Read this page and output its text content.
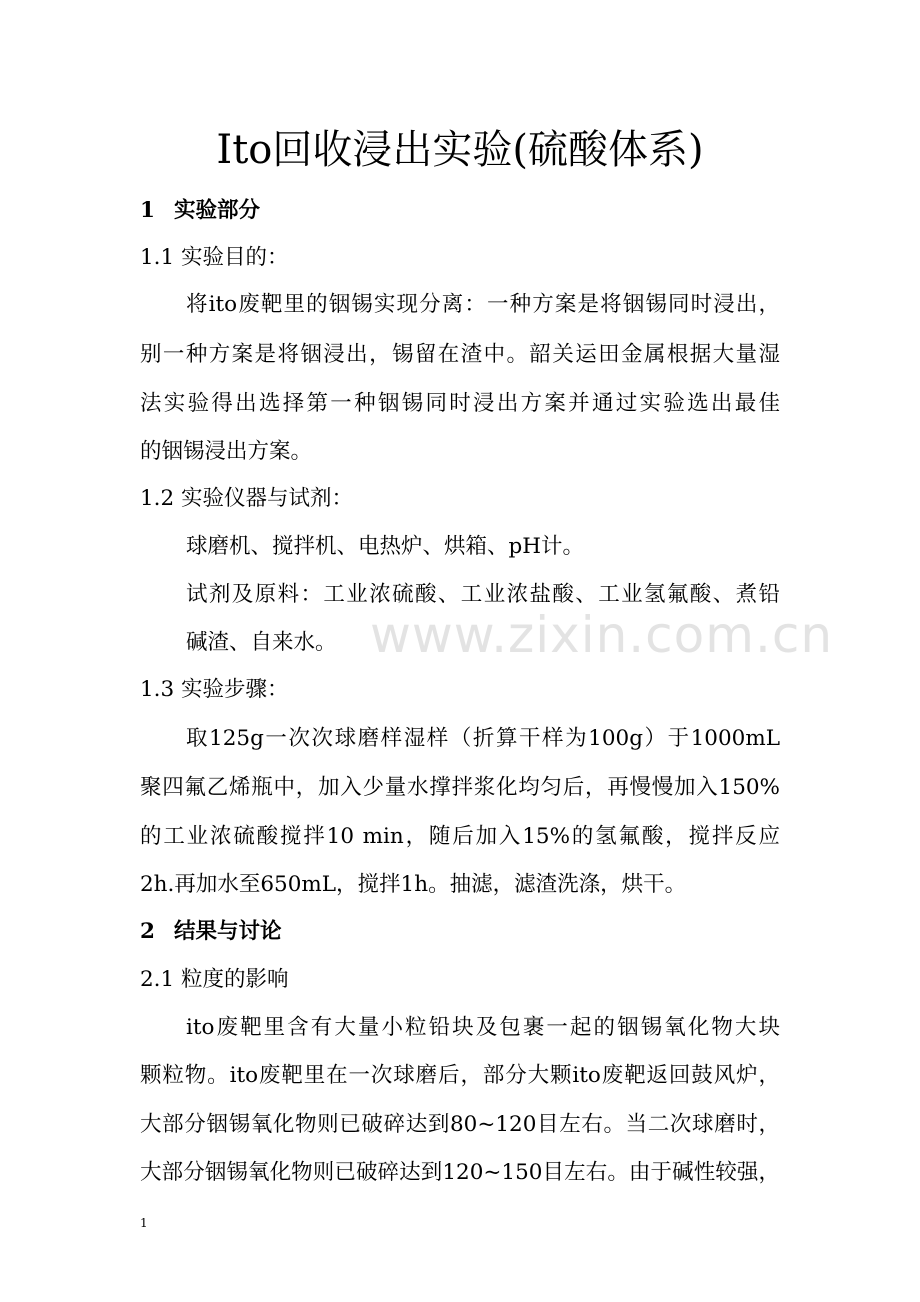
www.zixin.com.cn
Ito回收浸出实验(硫酸体系)
1 实验部分
1.1 实验目的：
将ito废靶里的铟锡实现分离：一种方案是将铟锡同时浸出，
别一种方案是将铟浸出，锡留在渣中。韶关运田金属根据大量湿
法实验得出选择第一种铟锡同时浸出方案并通过实验选出最佳
的铟锡浸出方案。
1.2 实验仪器与试剂：
球磨机、搅拌机、电热炉、烘箱、pH计。
试剂及原料：工业浓硫酸、工业浓盐酸、工业氢氟酸、煮铅
碱渣、自来水。
1.3 实验步骤：
取125g一次次球磨样湿样（折算干样为100g）于1000mL
聚四氟乙烯瓶中，加入少量水撑拌浆化均匀后，再慢慢加入150%
的工业浓硫酸搅拌10 min，随后加入15%的氢氟酸，搅拌反应
2h.再加水至650mL，搅拌1h。抽滤，滤渣洗涤，烘干。
2 结果与讨论
2.1 粒度的影响
ito废靶里含有大量小粒铅块及包裹一起的铟锡氧化物大块
颗粒物。ito废靶里在一次球磨后，部分大颗ito废靶返回鼓风炉，
大部分铟锡氧化物则已破碎达到80~120目左右。当二次球磨时，
大部分铟锡氧化物则已破碎达到120~150目左右。由于碱性较强，
1
